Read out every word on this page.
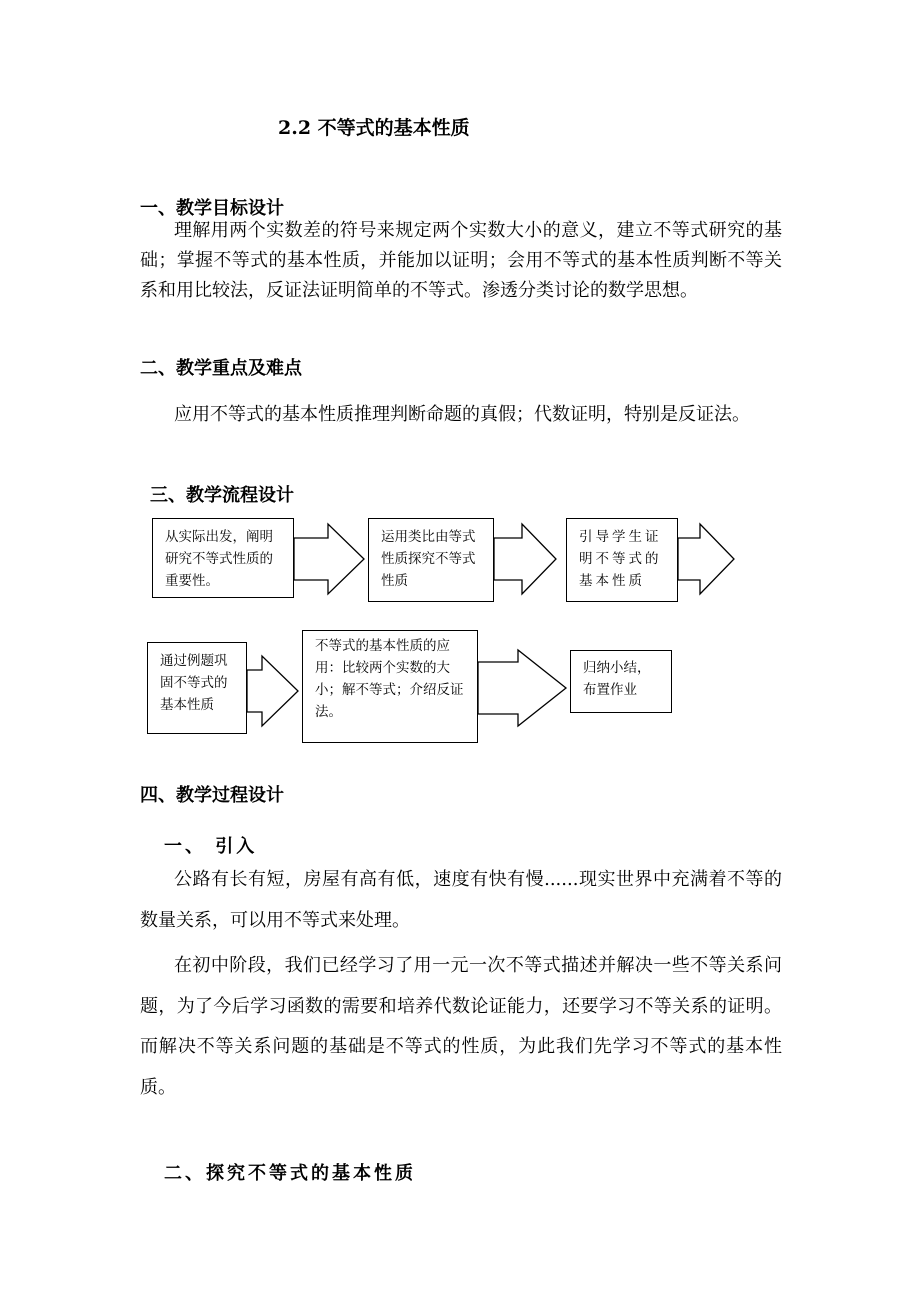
2.2 不等式的基本性质
一、教学目标设计
理解用两个实数差的符号来规定两个实数大小的意义，建立不等式研究的基础；掌握不等式的基本性质，并能加以证明；会用不等式的基本性质判断不等关系和用比较法，反证法证明简单的不等式。渗透分类讨论的数学思想。
二、教学重点及难点
应用不等式的基本性质推理判断命题的真假；代数证明，特别是反证法。
三、教学流程设计
从实际出发，阐明研究不等式性质的重要性。
运用类比由等式性质探究不等式性质
引导学生证明不等式的基本性质
通过例题巩固不等式的基本性质
不等式的基本性质的应用：比较两个实数的大小；解不等式；介绍反证法。
归纳小结，布置作业
四、教学过程设计
一、 引入
公路有长有短，房屋有高有低，速度有快有慢......现实世界中充满着不等的数量关系，可以用不等式来处理。
在初中阶段，我们已经学习了用一元一次不等式描述并解决一些不等关系问题，为了今后学习函数的需要和培养代数论证能力，还要学习不等关系的证明。而解决不等关系问题的基础是不等式的性质，为此我们先学习不等式的基本性质。
二、探究不等式的基本性质
